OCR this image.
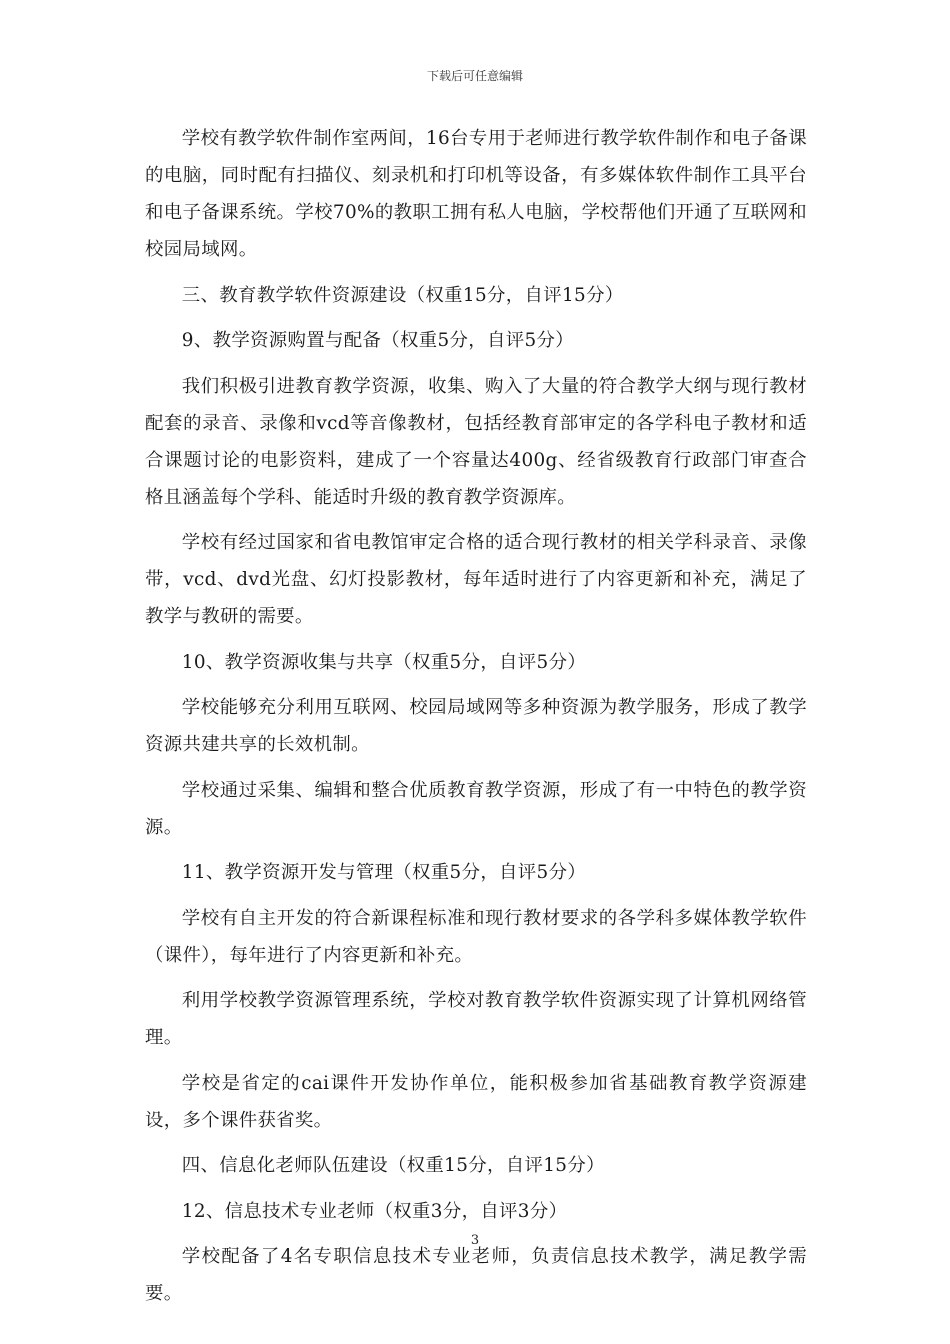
下载后可任意编辑

学校有教学软件制作室两间，16台专用于老师进行教学软件制作和电子备课的电脑，同时配有扫描仪、刻录机和打印机等设备，有多媒体软件制作工具平台和电子备课系统。学校70%的教职工拥有私人电脑，学校帮他们开通了互联网和校园局域网。

三、教育教学软件资源建设（权重15分，自评15分）

9、教学资源购置与配备（权重5分，自评5分）

我们积极引进教育教学资源，收集、购入了大量的符合教学大纲与现行教材配套的录音、录像和vcd等音像教材，包括经教育部审定的各学科电子教材和适合课题讨论的电影资料，建成了一个容量达400g、经省级教育行政部门审查合格且涵盖每个学科、能适时升级的教育教学资源库。

学校有经过国家和省电教馆审定合格的适合现行教材的相关学科录音、录像带，vcd、dvd光盘、幻灯投影教材，每年适时进行了内容更新和补充，满足了教学与教研的需要。

10、教学资源收集与共享（权重5分，自评5分）

学校能够充分利用互联网、校园局域网等多种资源为教学服务，形成了教学资源共建共享的长效机制。

学校通过采集、编辑和整合优质教育教学资源，形成了有一中特色的教学资源。

11、教学资源开发与管理（权重5分，自评5分）

学校有自主开发的符合新课程标准和现行教材要求的各学科多媒体教学软件（课件），每年进行了内容更新和补充。

利用学校教学资源管理系统，学校对教育教学软件资源实现了计算机网络管理。

学校是省定的cai课件开发协作单位，能积极参加省基础教育教学资源建设，多个课件获省奖。

四、信息化老师队伍建设（权重15分，自评15分）

12、信息技术专业老师（权重3分，自评3分）

学校配备了4名专职信息技术专业老师，负责信息技术教学，满足教学需要。

3
